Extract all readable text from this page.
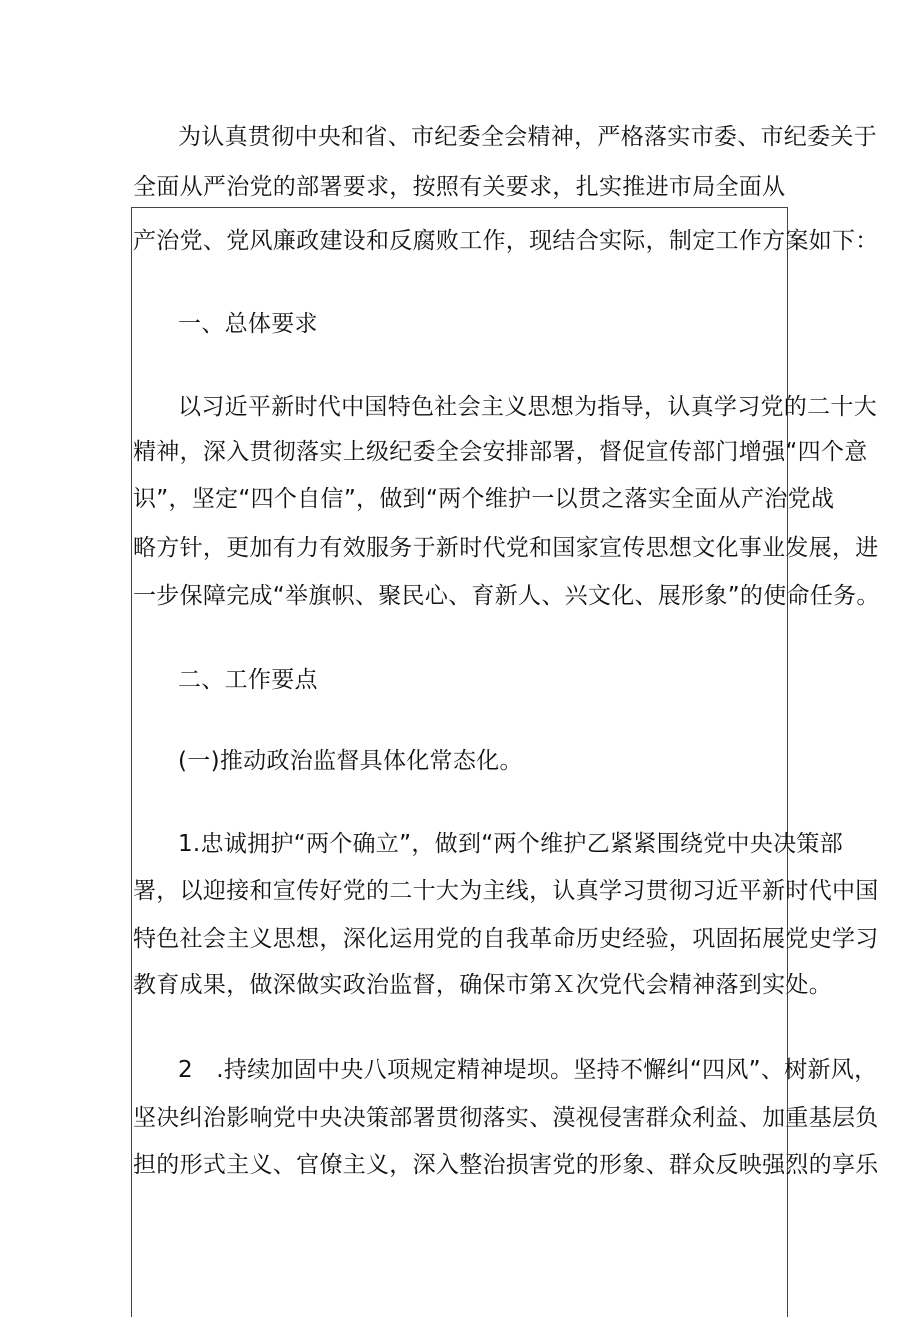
为认真贯彻中央和省、市纪委全会精神，严格落实市委、市纪委关于
全面从严治党的部署要求，按照有关要求，扎实推进市局全面从
产治党、党风廉政建设和反腐败工作，现结合实际，制定工作方案如下：
一、总体要求
以习近平新时代中国特色社会主义思想为指导，认真学习党的二十大
精神，深入贯彻落实上级纪委全会安排部署，督促宣传部门增强“四个意
识”，坚定“四个自信”，做到“两个维护一以贯之落实全面从产治党战
略方针，更加有力有效服务于新时代党和国家宣传思想文化事业发展，进
一步保障完成“举旗帜、聚民心、育新人、兴文化、展形象”的使命任务。
二、工作要点
(一)推动政治监督具体化常态化。
1.忠诚拥护“两个确立”，做到“两个维护乙紧紧围绕党中央决策部
署，以迎接和宣传好党的二十大为主线，认真学习贯彻习近平新时代中国
特色社会主义思想，深化运用党的自我革命历史经验，巩固拓展党史学习
教育成果，做深做实政治监督，确保市第Ｘ次党代会精神落到实处。
2　.持续加固中央八项规定精神堤坝。坚持不懈纠“四风”、树新风，
坚决纠治影响党中央决策部署贯彻落实、漠视侵害群众利益、加重基层负
担的形式主义、官僚主义，深入整治损害党的形象、群众反映强烈的享乐
